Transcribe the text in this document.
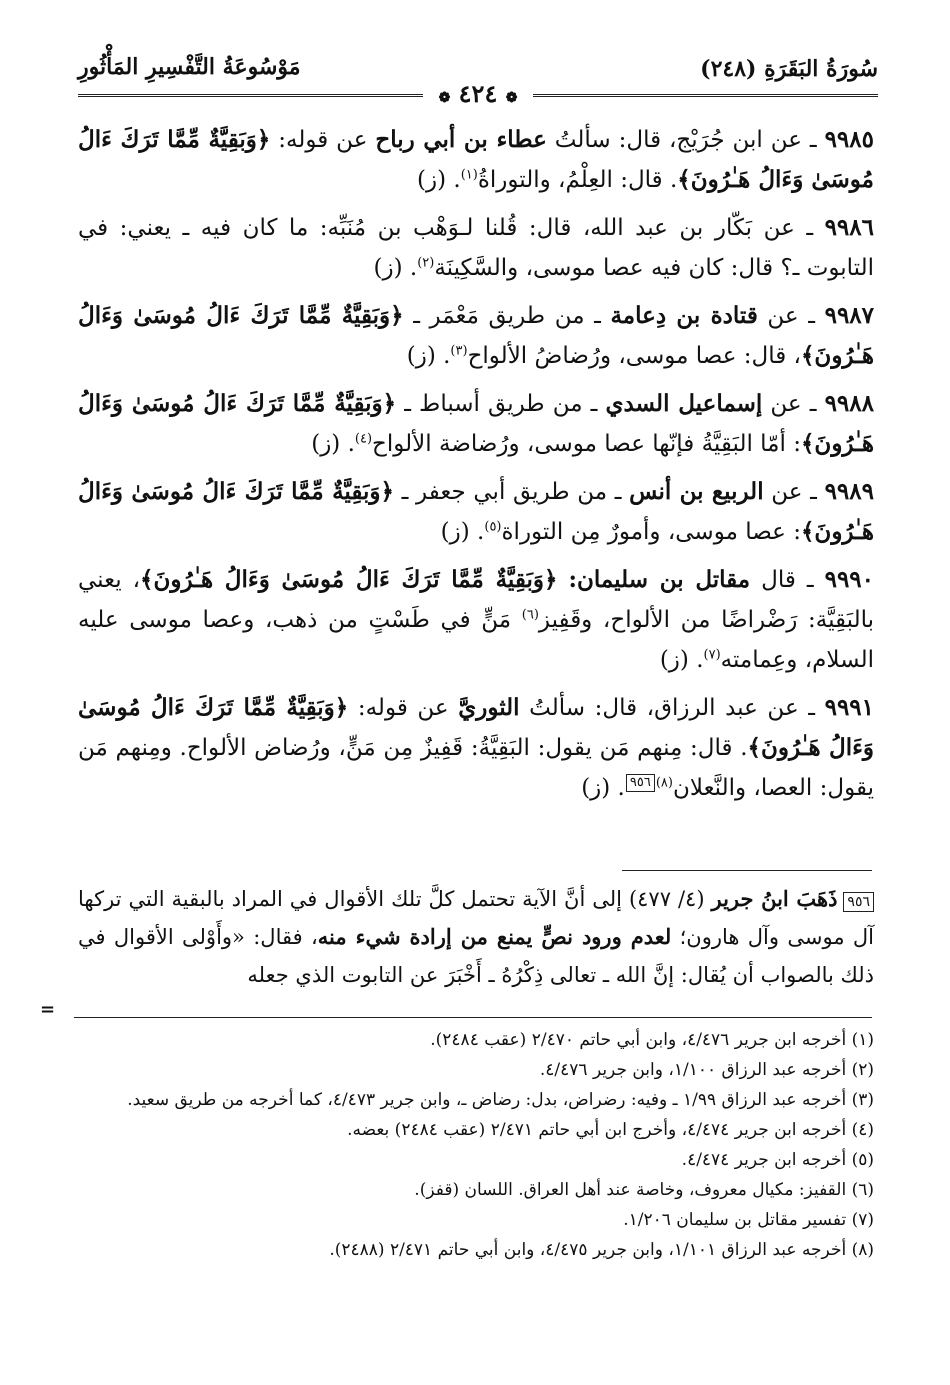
سُورَةُ البَقَرَةِ (٢٤٨)
مَوْسُوعَةُ التَّفْسِيرِ المَأْثُورِ
❁ ٤٢٤ ❁

٩٩٨٥ ـ عن ابن جُرَيْج، قال: سألتُ عطاء بن أبي رباح عن قوله: ﴿وَبَقِيَّةٌ مِّمَّا تَرَكَ ءَالُ مُوسَىٰ وَءَالُ هَـٰرُونَ﴾. قال: العِلْمُ، والتوراةُ$^{(١)}$. (ز)

٩٩٨٦ ـ عن بَكّار بن عبد الله، قال: قُلنا لـوَهْب بن مُنَبِّه: ما كان فيه ـ يعني: في التابوت ـ؟ قال: كان فيه عصا موسى، والسَّكِينَة$^{(٢)}$. (ز)

٩٩٨٧ ـ عن قتادة بن دِعامة ـ من طريق مَعْمَر ـ ﴿وَبَقِيَّةٌ مِّمَّا تَرَكَ ءَالُ مُوسَىٰ وَءَالُ هَـٰرُونَ﴾، قال: عصا موسى، ورُضاضُ الألواح$^{(٣)}$. (ز)

٩٩٨٨ ـ عن إسماعيل السدي ـ من طريق أسباط ـ ﴿وَبَقِيَّةٌ مِّمَّا تَرَكَ ءَالُ مُوسَىٰ وَءَالُ هَـٰرُونَ﴾: أمّا البَقِيَّةُ فإنّها عصا موسى، ورُضاضة الألواح$^{(٤)}$. (ز)

٩٩٨٩ ـ عن الربيع بن أنس ـ من طريق أبي جعفر ـ ﴿وَبَقِيَّةٌ مِّمَّا تَرَكَ ءَالُ مُوسَىٰ وَءَالُ هَـٰرُونَ﴾: عصا موسى، وأمورٌ مِن التوراة$^{(٥)}$. (ز)

٩٩٩٠ ـ قال مقاتل بن سليمان: ﴿وَبَقِيَّةٌ مِّمَّا تَرَكَ ءَالُ مُوسَىٰ وَءَالُ هَـٰرُونَ﴾، يعني بالبَقِيَّة: رَضْراضًا من الألواح، وقَفِيز$^{(٦)}$ مَنٍّ في طَسْتٍ من ذهب، وعصا موسى عليه السلام، وعِمامته$^{(٧)}$. (ز)

٩٩٩١ ـ عن عبد الرزاق، قال: سألتُ الثوريَّ عن قوله: ﴿وَبَقِيَّةٌ مِّمَّا تَرَكَ ءَالُ مُوسَىٰ وَءَالُ هَـٰرُونَ﴾. قال: مِنهم مَن يقول: البَقِيَّةُ: قَفِيزٌ مِن مَنٍّ، ورُضاض الألواح. ومِنهم مَن يقول: العصا، والنَّعلان$^{(٨)}$٩٥٦. (ز)

٩٥٦ذَهَبَ ابنُ جرير (٤/ ٤٧٧) إلى أنَّ الآية تحتمل كلَّ تلك الأقوال في المراد بالبقية التي تركها آل موسى وآل هارون؛ لعدم ورود نصٍّ يمنع من إرادة شيء منه، فقال: «وأَوْلى الأقوال في ذلك بالصواب أن يُقال: إنَّ الله ـ تعالى ذِكْرُهُ ـ أَخْبَرَ عن التابوت الذي جعله
=

(١) أخرجه ابن جرير ٤/٤٧٦، وابن أبي حاتم ٢/٤٧٠ (عقب ٢٤٨٤).

(٢) أخرجه عبد الرزاق ١/١٠٠، وابن جرير ٤/٤٧٦.

(٣) أخرجه عبد الرزاق ١/٩٩ ـ وفيه: رضراض، بدل: رضاض ـ، وابن جرير ٤/٤٧٣، كما أخرجه من طريق سعيد.

(٤) أخرجه ابن جرير ٤/٤٧٤، وأخرج ابن أبي حاتم ٢/٤٧١ (عقب ٢٤٨٤) بعضه.

(٥) أخرجه ابن جرير ٤/٤٧٤.

(٦) القفيز: مكيال معروف، وخاصة عند أهل العراق. اللسان (قفز).

(٧) تفسير مقاتل بن سليمان ١/٢٠٦.

(٨) أخرجه عبد الرزاق ١/١٠١، وابن جرير ٤/٤٧٥، وابن أبي حاتم ٢/٤٧١ (٢٤٨٨).
